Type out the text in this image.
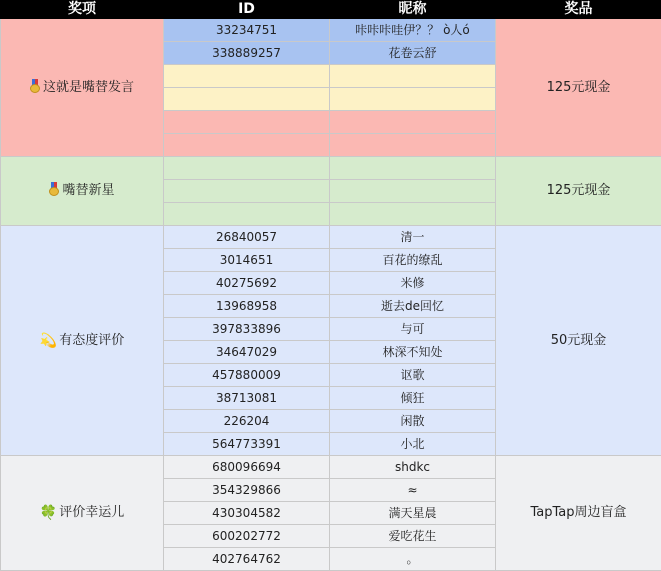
奖项	ID	昵称	奖品

这就是嘴替发言	33234751	咔咔咔哇伊？？ ò人ó	125元现金
	338889257	花卷云舒	

嘴替新星			125元现金

💫 有态度评价	26840057	清一	50元现金
	3014651	百花的缭乱	
	40275692	米修	
	13968958	逝去de回忆	
	397833896	与可	
	34647029	林深不知处	
	457880009	讴歌	
	38713081	倾狂	
	226204	闲散	
	564773391	小北	
🍀 评价幸运儿	680096694	shdkc	TapTap周边盲盒
	354329866	≈	
	430304582	满天星晨	
	600202772	爱吃花生	
	402764762	。	
